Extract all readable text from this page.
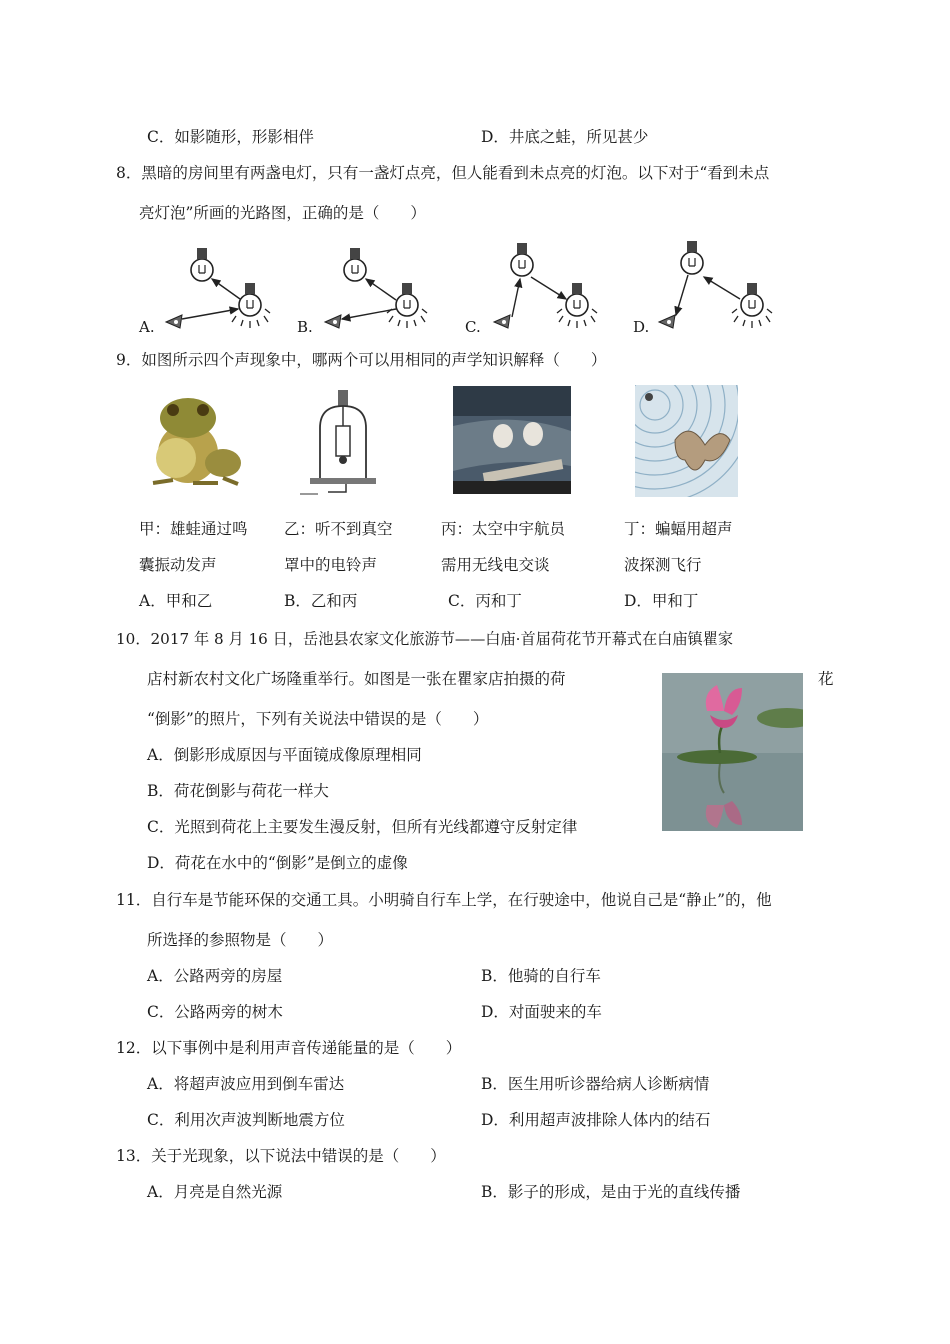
C．如影随形，形影相伴	D．井底之蛙，所见甚少
8．黑暗的房间里有两盏电灯，只有一盏灯点亮，但人能看到未点亮的灯泡。以下对于“看到未点
亮灯泡”所画的光路图，正确的是（　　）
A.	B.	C.	D.
9．如图所示四个声现象中，哪两个可以用相同的声学知识解释（　　）
甲：雄蛙通过鸣
囊振动发声
乙：听不到真空
罩中的电铃声
丙：太空中宇航员
需用无线电交谈
丁：蝙蝠用超声
波探测飞行
A．甲和乙	B．乙和丙	C．丙和丁	D．甲和丁
10．2017 年 8 月 16 日，岳池县农家文化旅游节——白庙·首届荷花节开幕式在白庙镇瞿家
店村新农村文化广场隆重举行。如图是一张在瞿家店拍摄的荷	花
“倒影”的照片，下列有关说法中错误的是（　　）
A．倒影形成原因与平面镜成像原理相同
B．荷花倒影与荷花一样大
C．光照到荷花上主要发生漫反射，但所有光线都遵守反射定律
D．荷花在水中的“倒影”是倒立的虚像
11．自行车是节能环保的交通工具。小明骑自行车上学，在行驶途中，他说自己是“静止”的，他
所选择的参照物是（　　）
A．公路两旁的房屋	B．他骑的自行车
C．公路两旁的树木	D．对面驶来的车
12．以下事例中是利用声音传递能量的是（　　）
A．将超声波应用到倒车雷达	B．医生用听诊器给病人诊断病情
C．利用次声波判断地震方位	D．利用超声波排除人体内的结石
13．关于光现象，以下说法中错误的是（　　）
A．月亮是自然光源	B．影子的形成，是由于光的直线传播
